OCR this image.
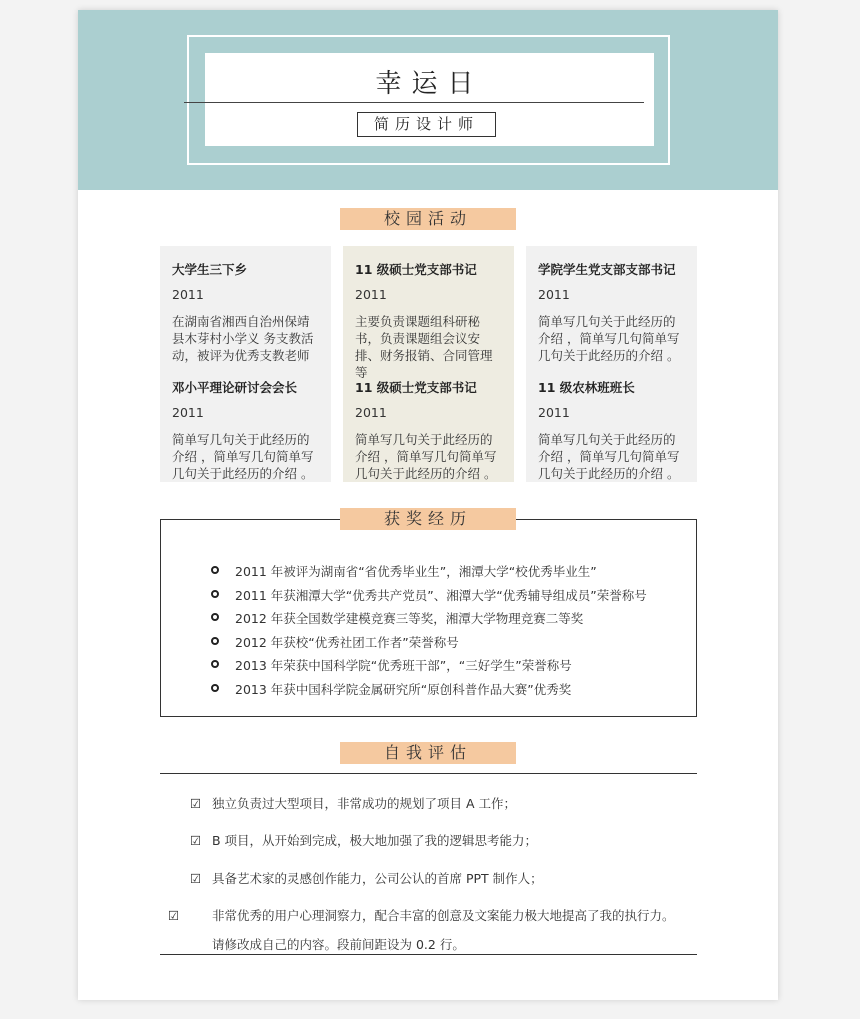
幸运日
简历设计师
校园活动
大学生三下乡
2011
在湖南省湘西自治州保靖县木芽村小学义 务支教活动，被评为优秀支教老师
11 级硕士党支部书记
2011
主要负责课题组科研秘书，负责课题组会议安排、财务报销、合同管理等
学院学生党支部支部书记
2011
简单写几句关于此经历的介绍 ，简单写几句简单写几句关于此经历的介绍 。
邓小平理论研讨会会长
2011
简单写几句关于此经历的介绍 ，简单写几句简单写几句关于此经历的介绍 。
11 级硕士党支部书记
2011
简单写几句关于此经历的介绍 ，简单写几句简单写几句关于此经历的介绍 。
11 级农林班班长
2011
简单写几句关于此经历的介绍 ，简单写几句简单写几句关于此经历的介绍 。
2011 年被评为湖南省“省优秀毕业生”，湘潭大学“校优秀毕业生”
2011 年获湘潭大学“优秀共产党员”、湘潭大学“优秀辅导组成员”荣誉称号
2012 年获全国数学建模竞赛三等奖，湘潭大学物理竞赛二等奖
2012 年获校“优秀社团工作者”荣誉称号
2013 年荣获中国科学院“优秀班干部”，“三好学生”荣誉称号
2013 年获中国科学院金属研究所“原创科普作品大赛”优秀奖
获奖经历
自我评估
☑ 独立负责过大型项目，非常成功的规划了项目 A 工作；
☑ B 项目，从开始到完成，极大地加强了我的逻辑思考能力；
☑ 具备艺术家的灵感创作能力，公司公认的首席 PPT 制作人；
☑	非常优秀的用户心理洞察力，配合丰富的创意及文案能力极大地提高了我的执行力。请修改成自己的内容。段前间距设为 0.2 行。
